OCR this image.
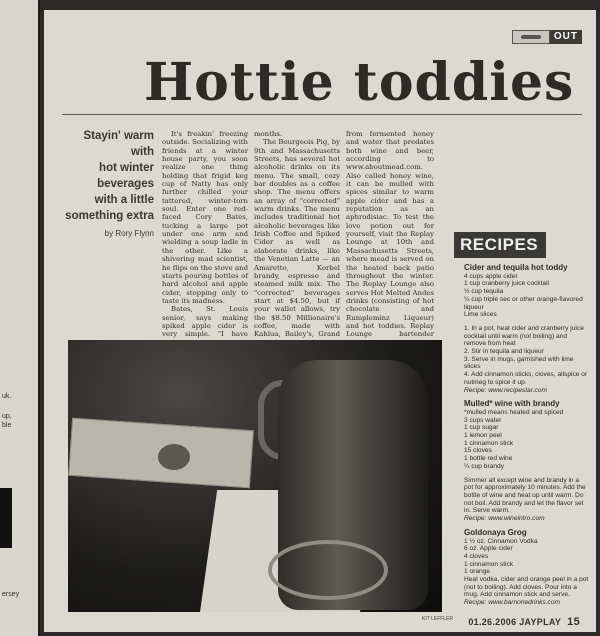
uk.
up,
ble
ersey
OUT
Hottie toddies
Stayin' warm with
hot winter beverages
with a little
something extra
by Rory Flynn

It's freakin' freezing outside. Socializing with friends at a winter house party, you soon realize one thing holding that frigid keg cup of Natty has only further chilled your tattered, winter-torn soul. Enter one red-faced Cory Bates, tucking a large pot under one arm and wielding a soup ladle in the other. Like a shivering mad scientist, he flips on the stove and starts pouring bottles of hard alcohol and apple cider, stopping only to taste its madness.

Bates, St. Louis senior, says making spiked apple cider is very simple. "I have

months.

The Bourgeois Pig, by 9th and Massachusetts Streets, has several hot alcoholic drinks on its menu. The small, cozy bar doubles as a coffee shop. The menu offers an array of "corrected" warm drinks. The menu includes traditional hot alcoholic beverages like Irish Coffee and Spiked Cider as well as elaborate drinks, like the Venetian Latte — an Amaretto, Korbel brandy, espresso and steamed milk mix. The "corrected" beverages start at $4.50, but if your wallet allows, try the $8.50 Millionaire's coffee, made with Kahlua, Bailey's, Grand

from fermented honey and water that predates both wine and beer, according to www.aboutmead.com. Also called honey wine, it can be mulled with spices similar to warm apple cider and has a reputation as an aphrodisiac. To test the love potion out for yourself, visit the Replay Lounge at 10th and Massachusetts Streets, where mead is served on the heated back patio throughout the winter. The Replay Lounge also serves Hot Melted Andes drinks (consisting of hot chocolate and Rumpleminz Liqueur) and hot toddies. Replay Lounge bartender

KIT LEFFLER
RECIPES
Cider and tequila hot toddy
4 cups apple cider
1 cup cranberry juice cocktail
½ cup tequila
¼ cup triple sec or other orange-flavored liqueur
Lime slices
1. In a pot, heat cider and cranberry juice cocktail until warm (not boiling) and remove from heat
2. Stir in tequila and liqueur
3. Serve in mugs, garnished with lime slices
4. Add cinnamon sticks, cloves, allspice or nutmeg to spice it up.
Recipe: www.recipestar.com
Mulled* wine with brandy
*mulled means heated and spiced
3 cups water
1 cup sugar
1 lemon peel
1 cinnamon stick
15 cloves
1 bottle red wine
¼ cup brandy
Simmer all except wine and brandy in a pot for approximately 10 minutes. Add the bottle of wine and heat up until warm. Do not boil. Add brandy and let the flavor set in. Serve warm.
Recipe: www.wineintro.com
Goldonaya Grog
1 ½ oz. Cinnamon Vodka
6 oz. Apple cider
4 cloves
1 cinnamon stick
1 orange
Heat vodka, cider and orange peel in a pot (not to boiling). Add cloves. Pour into a mug. Add cinnamon stick and serve.
Recipe: www.barnonedrinks.com
01.26.2006 JAYPLAY 15
